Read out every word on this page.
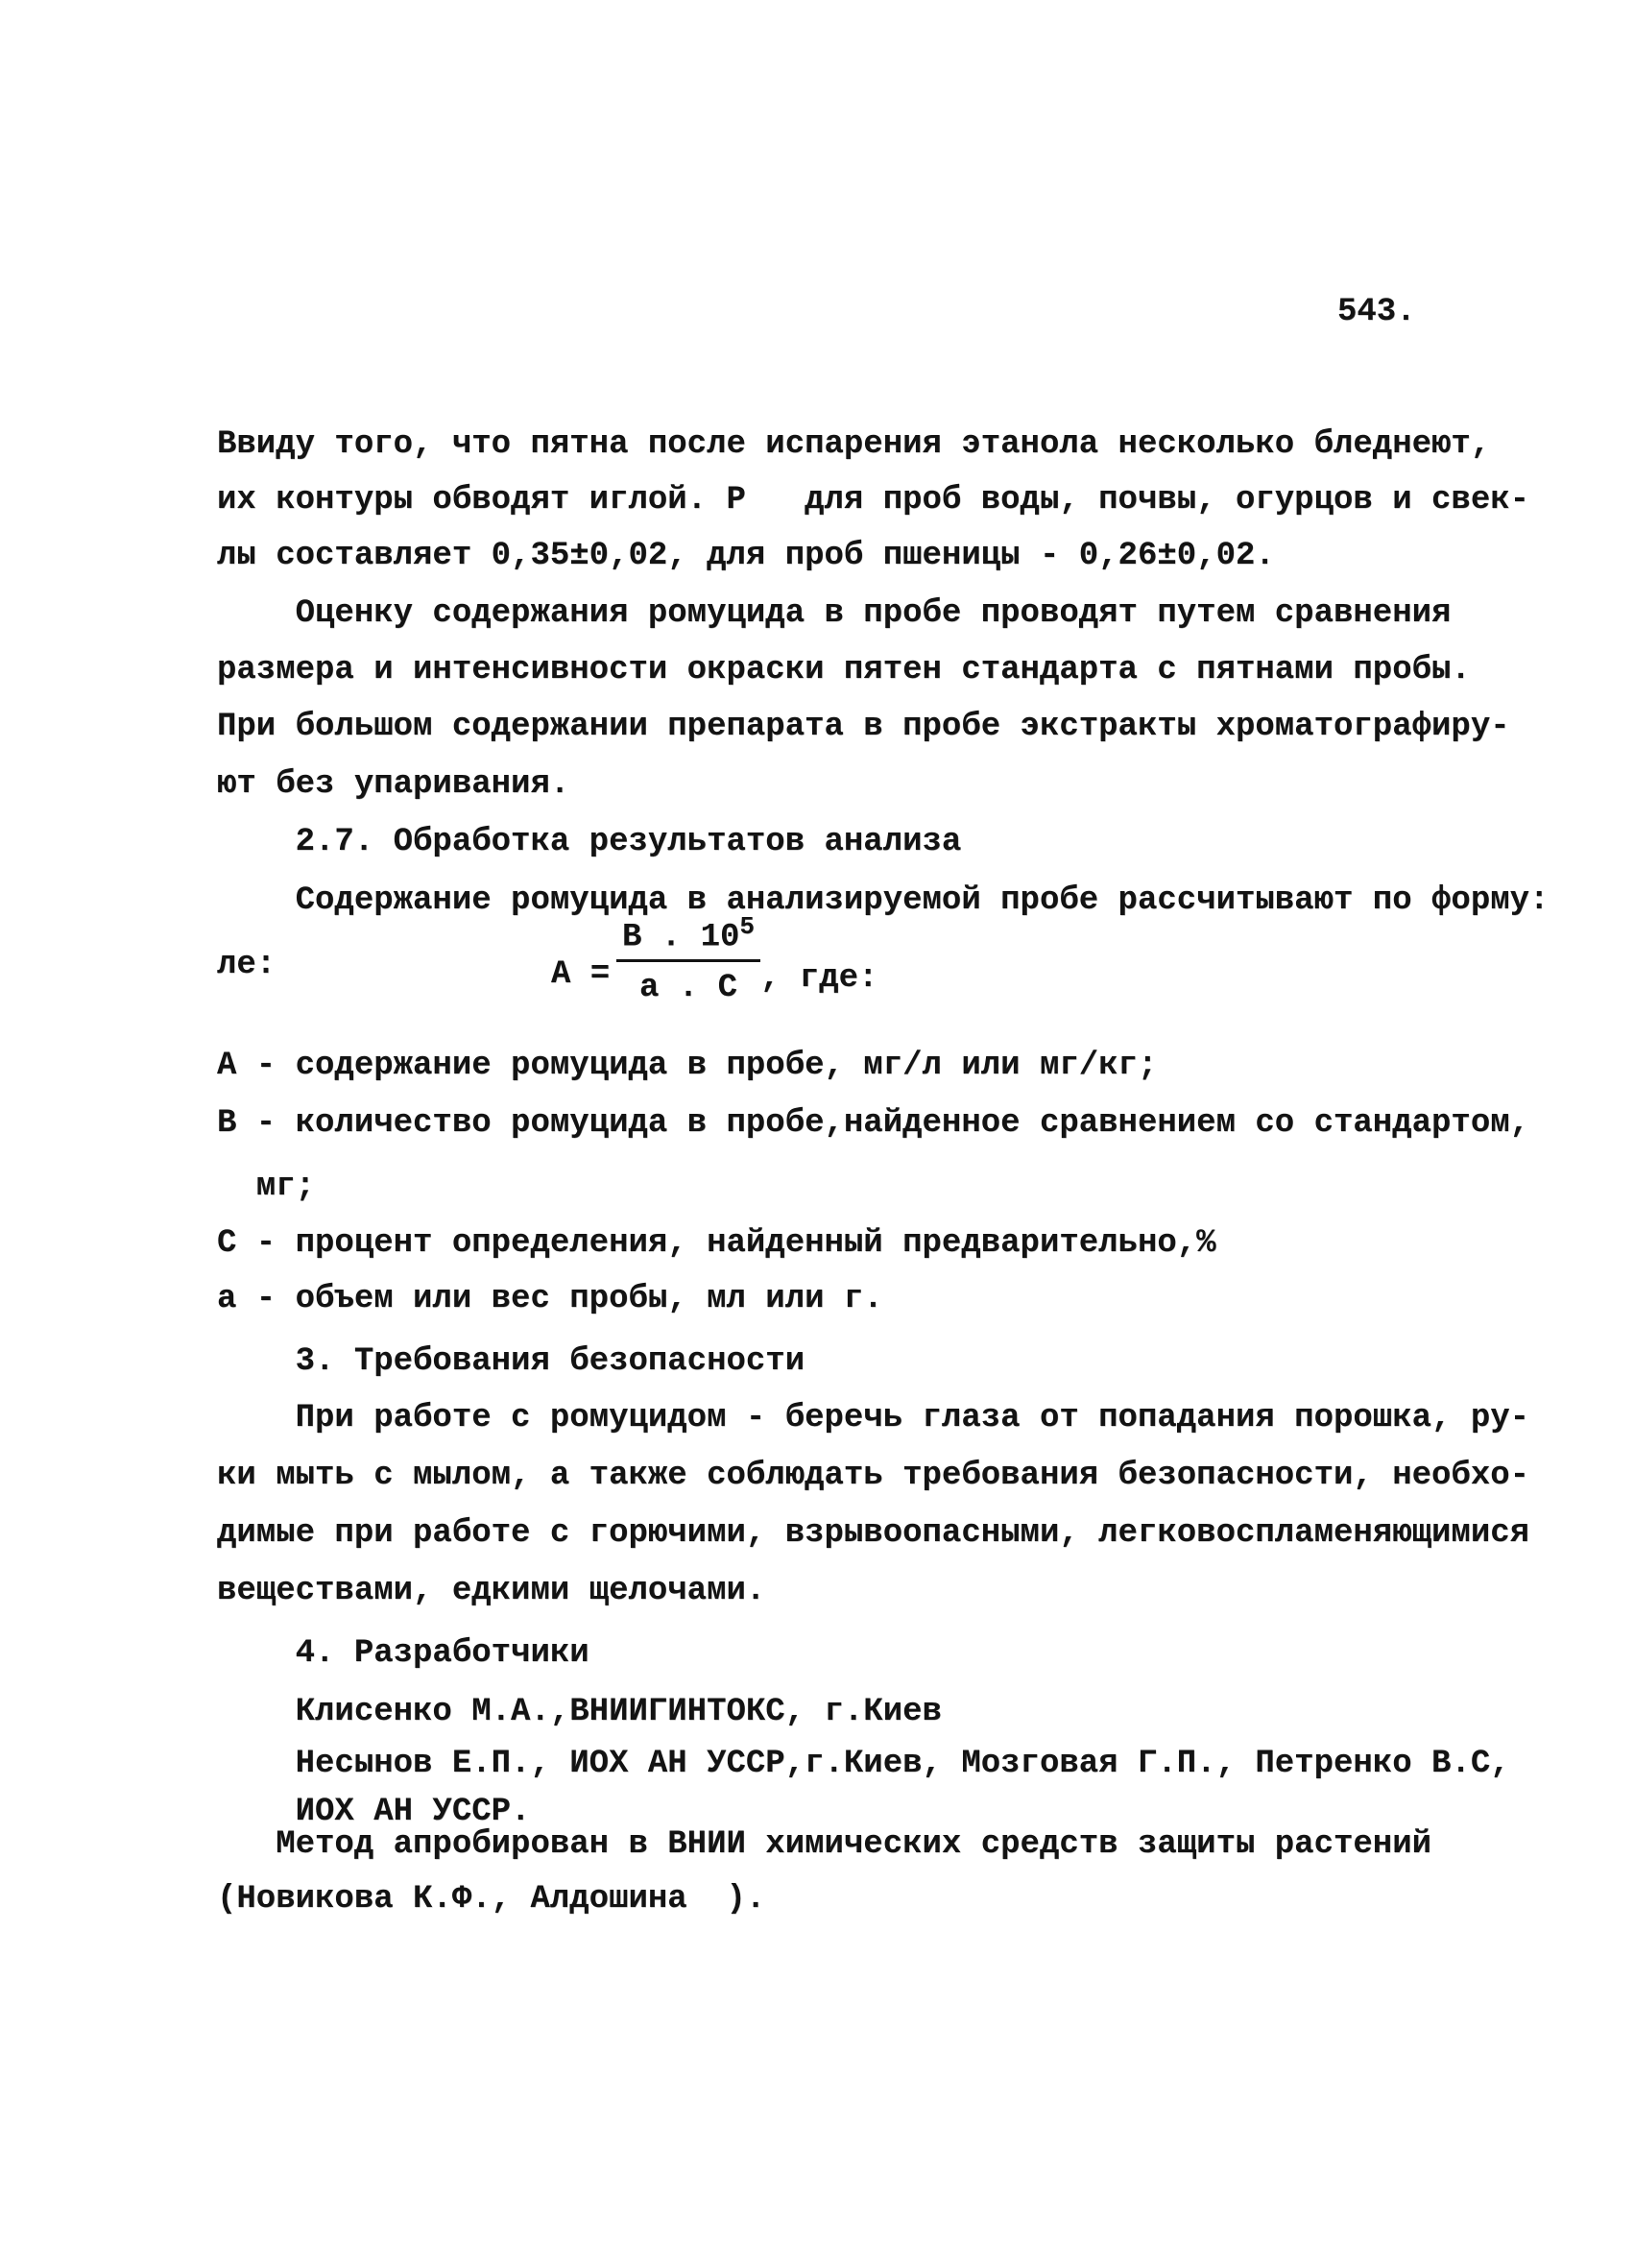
543.
Ввиду того, что пятна после испарения этанола несколько бледнеют,
их контуры обводят иглой. Р   для проб воды, почвы, огурцов и свек-
лы составляет 0,35±0,02, для проб пшеницы - 0,26±0,02.
Оценку содержания ромуцида в пробе проводят путем сравнения
размера и интенсивности окраски пятен стандарта с пятнами пробы.
При большом содержании препарата в пробе экстракты хроматографиру-
ют без упаривания.
2.7. Обработка результатов анализа
Содержание ромуцида в анализируемой пробе рассчитывают по форму:
ле:	А =
В . $10^5$
а . С , где:
А - содержание ромуцида в пробе, мг/л или мг/кг;
В - количество ромуцида в пробе,найденное сравнением со стандартом,
мг;
С - процент определения, найденный предварительно,%
а - объем или вес пробы, мл или г.
3. Требования безопасности
При работе с ромуцидом - беречь глаза от попадания порошка, ру-
ки мыть с мылом, а также соблюдать требования безопасности, необхо-
димые при работе с горючими, взрывоопасными, легковоспламеняющимися
веществами, едкими щелочами.
4. Разработчики
Клисенко М.А.,ВНИИГИНТОКС, г.Киев
Несынов Е.П., ИОХ АН УССР,г.Киев, Мозговая Г.П., Петренко В.С,
ИОХ АН УССР.
Метод апробирован в ВНИИ химических средств защиты растений
(Новикова К.Ф., Алдошина  ).
